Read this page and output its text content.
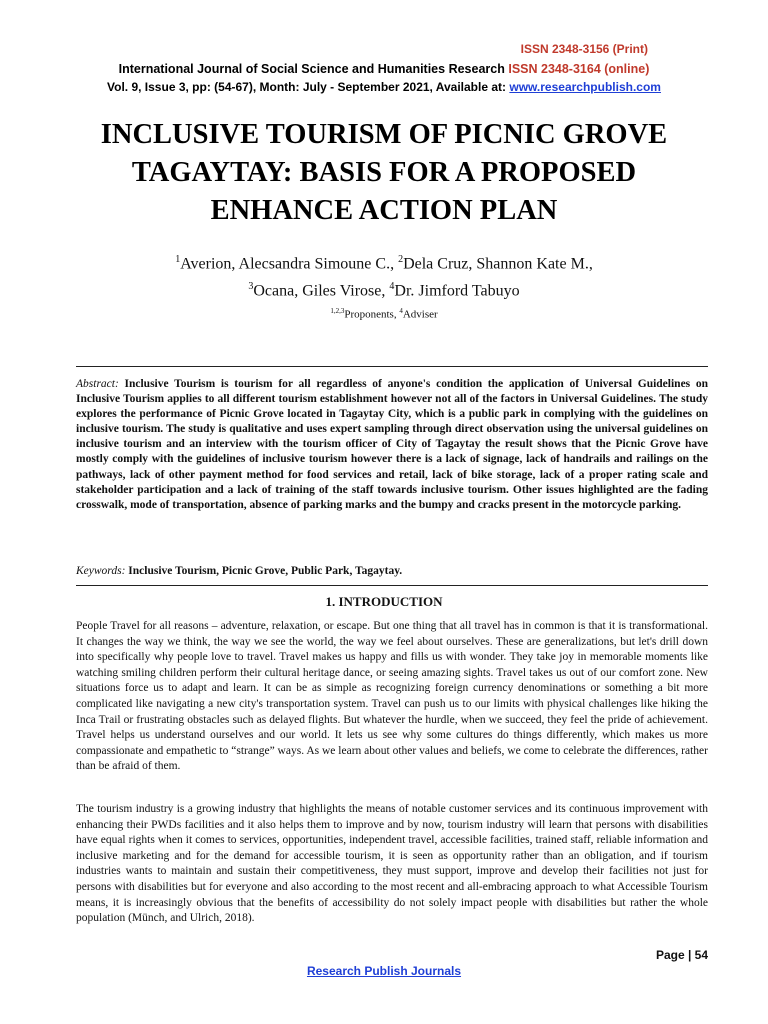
ISSN 2348-3156 (Print)
International Journal of Social Science and Humanities Research ISSN 2348-3164 (online)
Vol. 9, Issue 3, pp: (54-67), Month: July - September 2021, Available at: www.researchpublish.com
INCLUSIVE TOURISM OF PICNIC GROVE TAGAYTAY: BASIS FOR A PROPOSED ENHANCE ACTION PLAN
$^1$Averion, Alecsandra Simoune C., $^2$Dela Cruz, Shannon Kate M.,
$^3$Ocana, Giles Virose, $^4$Dr. Jimford Tabuyo
$^{1,2,3}$Proponents, $^4$Adviser
Abstract: Inclusive Tourism is tourism for all regardless of anyone's condition the application of Universal Guidelines on Inclusive Tourism applies to all different tourism establishment however not all of the factors in Universal Guidelines. The study explores the performance of Picnic Grove located in Tagaytay City, which is a public park in complying with the guidelines on inclusive tourism. The study is qualitative and uses expert sampling through direct observation using the universal guidelines on inclusive tourism and an interview with the tourism officer of City of Tagaytay the result shows that the Picnic Grove have mostly comply with the guidelines of inclusive tourism however there is a lack of signage, lack of handrails and railings on the pathways, lack of other payment method for food services and retail, lack of bike storage, lack of a proper rating scale and stakeholder participation and a lack of training of the staff towards inclusive tourism. Other issues highlighted are the fading crosswalk, mode of transportation, absence of parking marks and the bumpy and cracks present in the motorcycle parking.
Keywords: Inclusive Tourism, Picnic Grove, Public Park, Tagaytay.
1. INTRODUCTION
People Travel for all reasons – adventure, relaxation, or escape. But one thing that all travel has in common is that it is transformational. It changes the way we think, the way we see the world, the way we feel about ourselves. These are generalizations, but let's drill down into specifically why people love to travel. Travel makes us happy and fills us with wonder. They take joy in memorable moments like watching smiling children perform their cultural heritage dance, or seeing amazing sights. Travel takes us out of our comfort zone. New situations force us to adapt and learn. It can be as simple as recognizing foreign currency denominations or something a bit more complicated like navigating a new city's transportation system. Travel can push us to our limits with physical challenges like hiking the Inca Trail or frustrating obstacles such as delayed flights. But whatever the hurdle, when we succeed, they feel the pride of achievement. Travel helps us understand ourselves and our world. It lets us see why some cultures do things differently, which makes us more compassionate and empathetic to “strange” ways. As we learn about other values and beliefs, we come to celebrate the differences, rather than be afraid of them.
The tourism industry is a growing industry that highlights the means of notable customer services and its continuous improvement with enhancing their PWDs facilities and it also helps them to improve and by now, tourism industry will learn that persons with disabilities have equal rights when it comes to services, opportunities, independent travel, accessible facilities, trained staff, reliable information and inclusive marketing and for the demand for accessible tourism, it is seen as opportunity rather than an obligation, and if tourism industries wants to maintain and sustain their competitiveness, they must support, improve and develop their facilities not just for persons with disabilities but for everyone and also according to the most recent and all-embracing approach to what Accessible Tourism means, it is increasingly obvious that the benefits of accessibility do not solely impact people with disabilities but rather the whole population (Münch, and Ulrich, 2018).
Page | 54
Research Publish Journals
